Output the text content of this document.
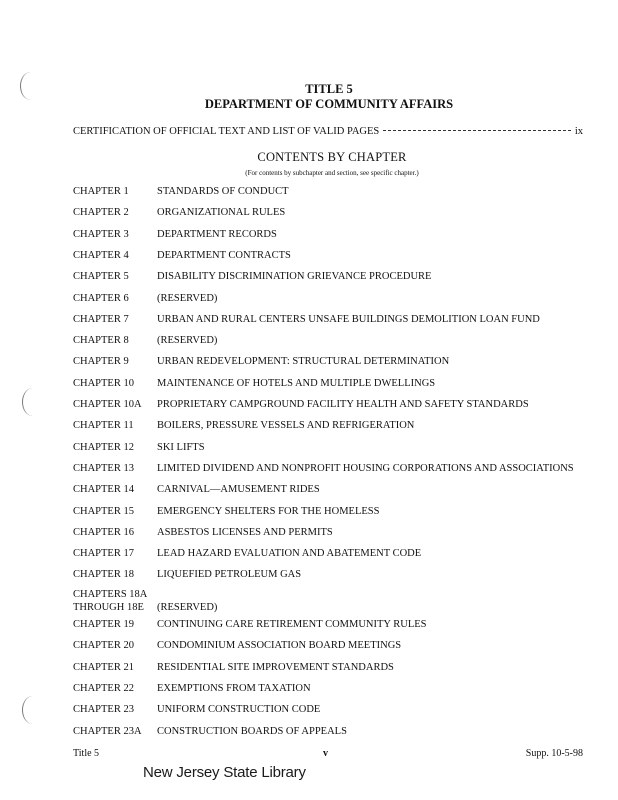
TITLE 5
DEPARTMENT OF COMMUNITY AFFAIRS
CERTIFICATION OF OFFICIAL TEXT AND LIST OF VALID PAGES	ix
CONTENTS BY CHAPTER
(For contents by subchapter and section, see specific chapter.)
CHAPTER 1	STANDARDS OF CONDUCT
CHAPTER 2	ORGANIZATIONAL RULES
CHAPTER 3	DEPARTMENT RECORDS
CHAPTER 4	DEPARTMENT CONTRACTS
CHAPTER 5	DISABILITY DISCRIMINATION GRIEVANCE PROCEDURE
CHAPTER 6	(RESERVED)
CHAPTER 7	URBAN AND RURAL CENTERS UNSAFE BUILDINGS DEMOLITION LOAN FUND
CHAPTER 8	(RESERVED)
CHAPTER 9	URBAN REDEVELOPMENT: STRUCTURAL DETERMINATION
CHAPTER 10	MAINTENANCE OF HOTELS AND MULTIPLE DWELLINGS
CHAPTER 10A	PROPRIETARY CAMPGROUND FACILITY HEALTH AND SAFETY STANDARDS
CHAPTER 11	BOILERS, PRESSURE VESSELS AND REFRIGERATION
CHAPTER 12	SKI LIFTS
CHAPTER 13	LIMITED DIVIDEND AND NONPROFIT HOUSING CORPORATIONS AND ASSOCIATIONS
CHAPTER 14	CARNIVAL—AMUSEMENT RIDES
CHAPTER 15	EMERGENCY SHELTERS FOR THE HOMELESS
CHAPTER 16	ASBESTOS LICENSES AND PERMITS
CHAPTER 17	LEAD HAZARD EVALUATION AND ABATEMENT CODE
CHAPTER 18	LIQUEFIED PETROLEUM GAS
CHAPTERS 18A
THROUGH 18E	(RESERVED)
CHAPTER 19	CONTINUING CARE RETIREMENT COMMUNITY RULES
CHAPTER 20	CONDOMINIUM ASSOCIATION BOARD MEETINGS
CHAPTER 21	RESIDENTIAL SITE IMPROVEMENT STANDARDS
CHAPTER 22	EXEMPTIONS FROM TAXATION
CHAPTER 23	UNIFORM CONSTRUCTION CODE
CHAPTER 23A	CONSTRUCTION BOARDS OF APPEALS
Title 5	v	Supp. 10-5-98
New Jersey State Library
